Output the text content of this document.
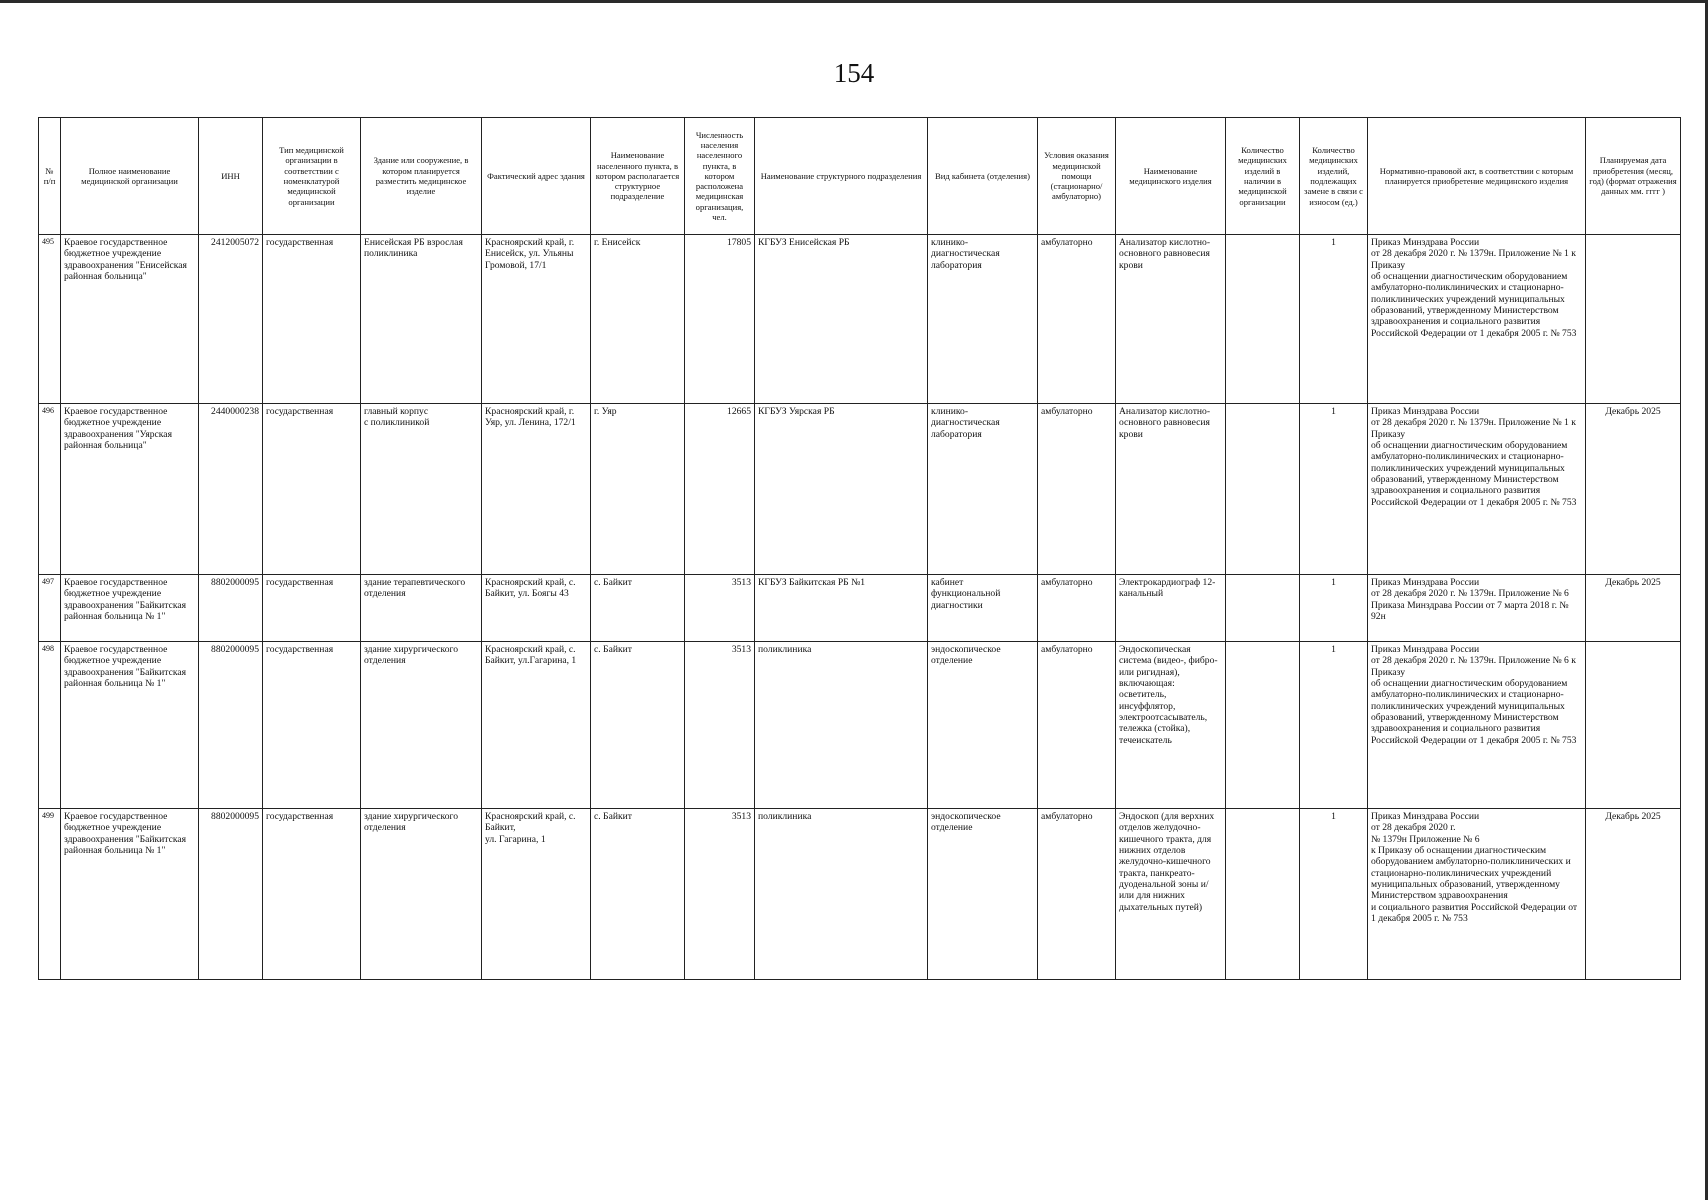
154
№ п/п	Полное наименование медицинской организации	ИНН	Тип медицинской организации в соответствии с номенклатурой медицинской организации	Здание или сооружение, в котором планируется разместить медицинское изделие	Фактический адрес здания	Наименование населенного пункта, в котором располагается структурное подразделение	Численность населения населенного пункта, в котором расположена медицинская организация, чел.	Наименование структурного подразделения	Вид кабинета (отделения)	Условия оказания медицинской помощи (стационарно/ амбулаторно)	Наименование медицинского изделия	Количество медицинских изделий в наличии в медицинской организации	Количество медицинских изделий, подлежащих замене в связи с износом (ед.)	Нормативно-правовой акт, в соответствии с которым планируется приобретение медицинского изделия	Планируемая дата приобретения (месяц, год) (формат отражения данных мм. гггг )
495	Краевое государственное бюджетное учреждение здравоохранения "Енисейская районная больница"	2412005072	государственная	Енисейская РБ взрослая поликлиника	Красноярский край, г. Енисейск, ул. Ульяны Громовой, 17/1	г. Енисейск	17805	КГБУЗ Енисейская РБ	клинико-диагностическая лаборатория	амбулаторно	Анализатор кислотно-основного равновесия крови		1	Приказ Минздрава России
от 28 декабря 2020 г. № 1379н. Приложение № 1 к Приказу
об оснащении диагностическим оборудованием амбулаторно-поликлинических и стационарно-поликлинических учреждений муниципальных образований, утвержденному Министерством здравоохранения и социального развития Российской Федерации от 1 декабря 2005 г. № 753	
496	Краевое государственное бюджетное учреждение здравоохранения "Уярская районная больница"	2440000238	государственная	главный корпус
с поликлиникой	Красноярский край, г. Уяр, ул. Ленина, 172/1	г. Уяр	12665	КГБУЗ Уярская РБ	клинико-диагностическая лаборатория	амбулаторно	Анализатор кислотно-основного равновесия крови		1	Приказ Минздрава России
от 28 декабря 2020 г. № 1379н. Приложение № 1 к Приказу
об оснащении диагностическим оборудованием амбулаторно-поликлинических и стационарно-поликлинических учреждений муниципальных образований, утвержденному Министерством здравоохранения и социального развития Российской Федерации от 1 декабря 2005 г. № 753	Декабрь 2025
497	Краевое государственное бюджетное учреждение здравоохранения "Байкитская районная больница № 1"	8802000095	государственная	здание терапевтического отделения	Красноярский край, с. Байкит, ул. Боягы 43	с. Байкит	3513	КГБУЗ Байкитская РБ №1	кабинет функциональной диагностики	амбулаторно	Электрокардиограф 12-канальный		1	Приказ Минздрава России
от 28 декабря 2020 г. № 1379н. Приложение № 6 Приказа Минздрава России от 7 марта 2018 г. № 92н	Декабрь 2025
498	Краевое государственное бюджетное учреждение здравоохранения "Байкитская районная больница № 1"	8802000095	государственная	здание хирургического отделения	Красноярский край, с. Байкит, ул.Гагарина, 1	с. Байкит	3513	поликлиника	эндоскопическое отделение	амбулаторно	Эндоскопическая система (видео-, фибро- или ригидная), включающая: осветитель, инсуффлятор, электроотсасыватель, тележка (стойка), течеискатель		1	Приказ Минздрава России
от 28 декабря 2020 г. № 1379н. Приложение № 6 к Приказу
об оснащении диагностическим оборудованием амбулаторно-поликлинических и стационарно-поликлинических учреждений муниципальных образований, утвержденному Министерством здравоохранения и социального развития Российской Федерации от 1 декабря 2005 г. № 753	
499	Краевое государственное бюджетное учреждение здравоохранения "Байкитская районная больница № 1"	8802000095	государственная	здание хирургического отделения	Красноярский край, с. Байкит,
ул. Гагарина, 1	с. Байкит	3513	поликлиника	эндоскопическое отделение	амбулаторно	Эндоскоп (для верхних отделов желудочно-кишечного тракта, для нижних отделов желудочно-кишечного тракта, панкреато-дуоденальной зоны и/или для нижних дыхательных путей)		1	Приказ Минздрава России
от 28 декабря 2020 г.
№ 1379н Приложение № 6
к Приказу об оснащении диагностическим оборудованием амбулаторно-поликлинических и стационарно-поликлинических учреждений муниципальных образований, утвержденному Министерством здравоохранения
и социального развития Российской Федерации от 1 декабря 2005 г. № 753	Декабрь 2025
